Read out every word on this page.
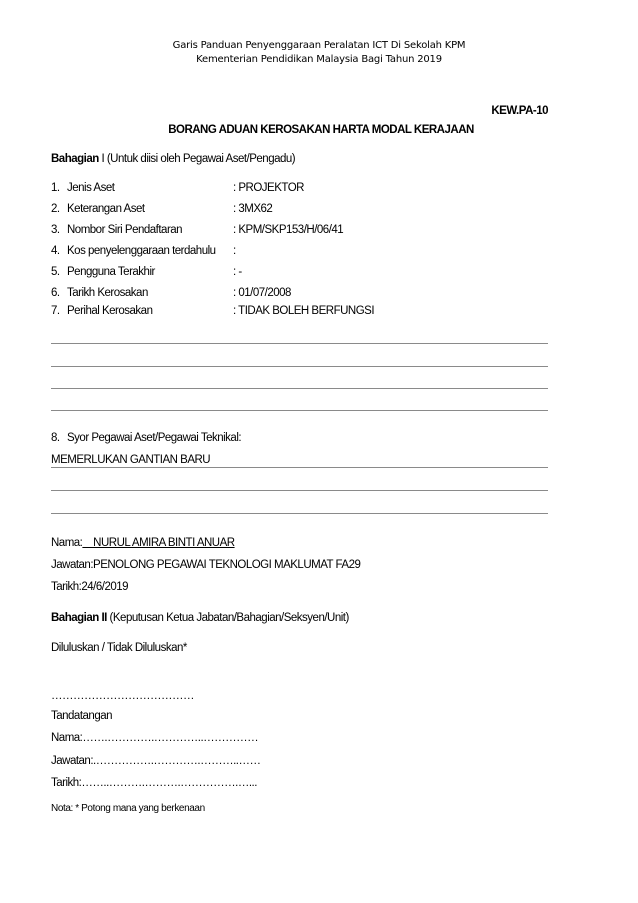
Garis Panduan Penyenggaraan Peralatan ICT Di Sekolah KPM
Kementerian Pendidikan Malaysia Bagi Tahun 2019
KEW.PA-10
BORANG ADUAN KEROSAKAN HARTA MODAL KERAJAAN
Bahagian I (Untuk diisi oleh Pegawai Aset/Pengadu)
1. Jenis Aset	: PROJEKTOR
2. Keterangan Aset	: 3MX62
3. Nombor Siri Pendaftaran	: KPM/SKP153/H/06/41
4. Kos penyelenggaraan terdahulu :
5. Pengguna Terakhir	: -
6. Tarikh Kerosakan	: 01/07/2008
7. Perihal Kerosakan	: TIDAK BOLEH BERFUNGSI
8. Syor Pegawai Aset/Pegawai Teknikal:
MEMERLUKAN GANTIAN BARU
Nama:    NURUL AMIRA BINTI ANUAR
Jawatan:PENOLONG PEGAWAI TEKNOLOGI MAKLUMAT FA29
Tarikh:24/6/2019
Bahagian II (Keputusan Ketua Jabatan/Bahagian/Seksyen/Unit)
Diluluskan / Tidak Diluluskan*
…………………………………
Tandatangan
Nama:…….………….…………..……………
Jawatan:.…………….………….………..……
Tarikh:……..……….……….…………….…...
Nota: * Potong mana yang berkenaan
